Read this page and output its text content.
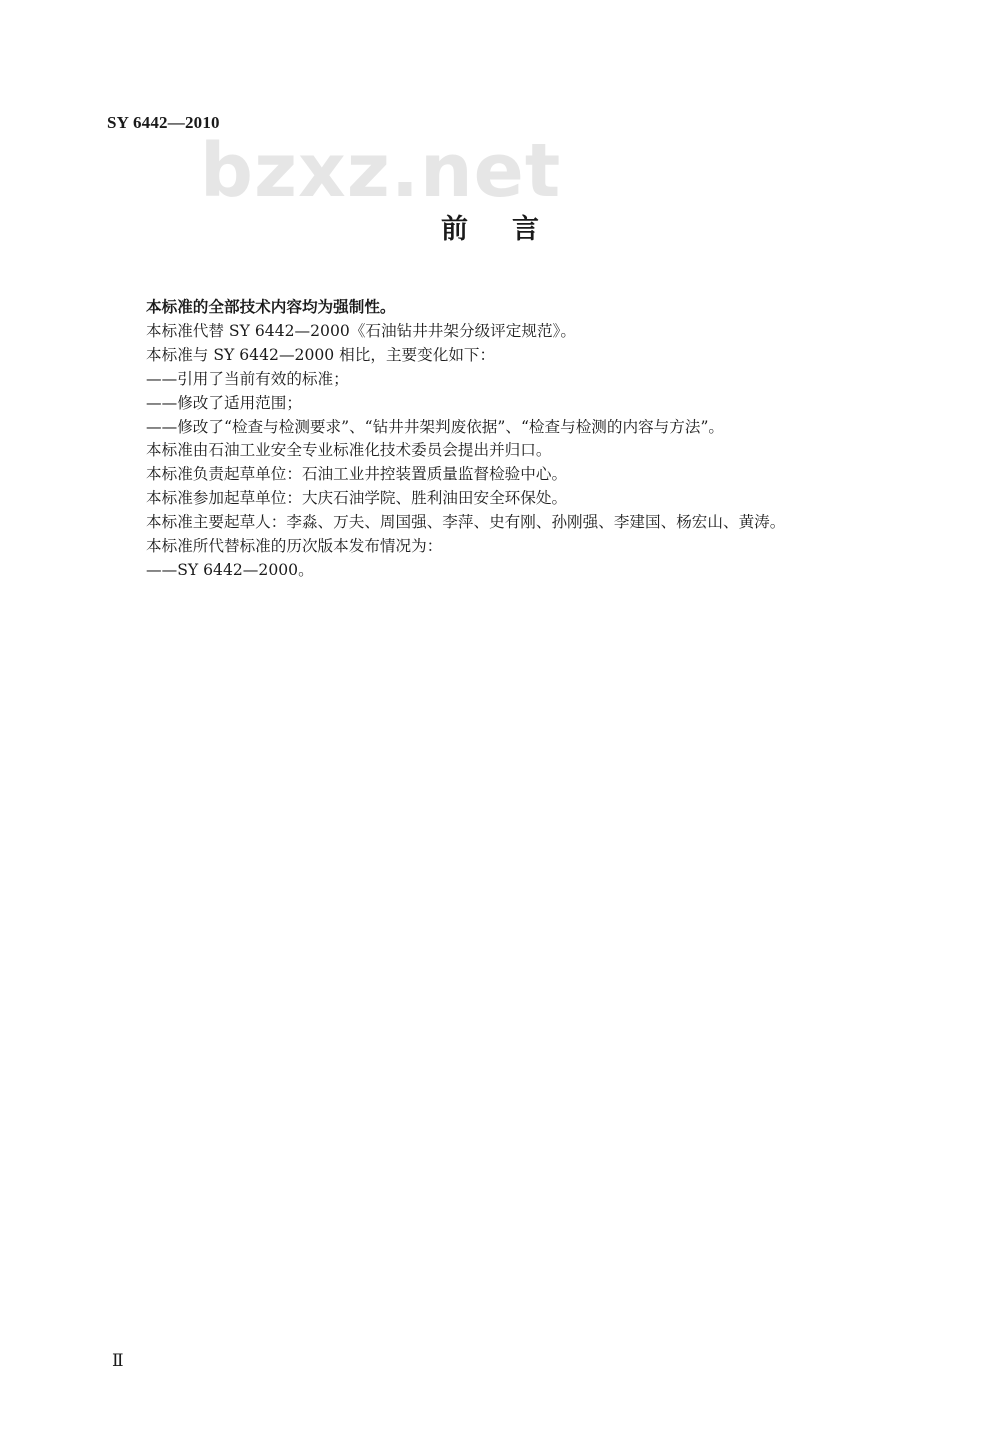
SY 6442—2010
bzxz.net
前言

本标准的全部技术内容均为强制性。

本标准代替 SY 6442—2000《石油钻井井架分级评定规范》。

本标准与 SY 6442—2000 相比，主要变化如下：

——引用了当前有效的标准；

——修改了适用范围；

——修改了“检查与检测要求”、“钻井井架判废依据”、“检查与检测的内容与方法”。

本标准由石油工业安全专业标准化技术委员会提出并归口。

本标准负责起草单位：石油工业井控装置质量监督检验中心。

本标准参加起草单位：大庆石油学院、胜利油田安全环保处。

本标准主要起草人：李淼、万夫、周国强、李萍、史有刚、孙刚强、李建国、杨宏山、黄涛。

本标准所代替标准的历次版本发布情况为：

——SY 6442—2000。

Ⅱ
